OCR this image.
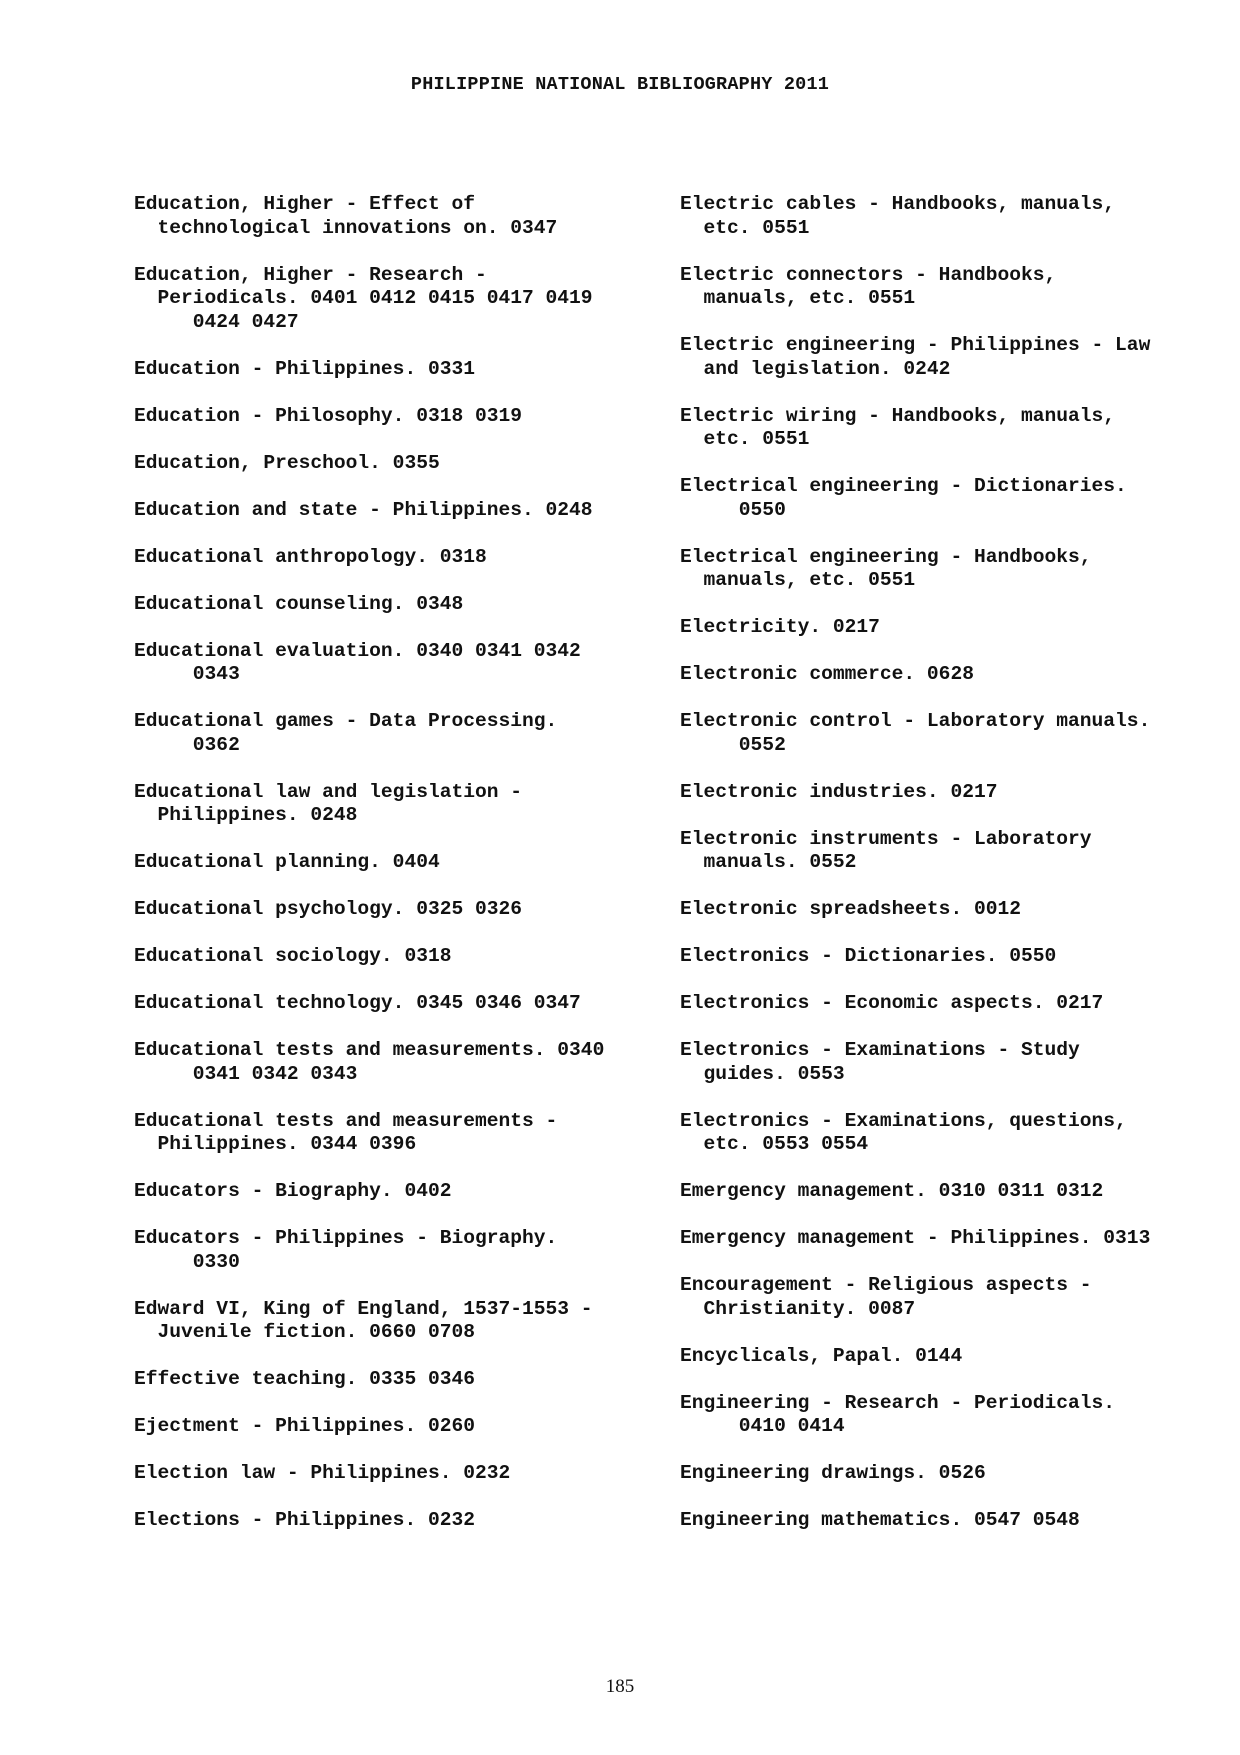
PHILIPPINE NATIONAL BIBLIOGRAPHY 2011
Education, Higher - Effect of
technological innovations on. 0347
Education, Higher - Research -
Periodicals. 0401 0412 0415 0417 0419
0424 0427
Education - Philippines. 0331
Education - Philosophy. 0318 0319
Education, Preschool. 0355
Education and state - Philippines. 0248
Educational anthropology. 0318
Educational counseling. 0348
Educational evaluation. 0340 0341 0342
0343
Educational games - Data Processing.
0362
Educational law and legislation -
Philippines. 0248
Educational planning. 0404
Educational psychology. 0325 0326
Educational sociology. 0318
Educational technology. 0345 0346 0347
Educational tests and measurements. 0340
0341 0342 0343
Educational tests and measurements -
Philippines. 0344 0396
Educators - Biography. 0402
Educators - Philippines - Biography.
0330
Edward VI, King of England, 1537-1553 -
Juvenile fiction. 0660 0708
Effective teaching. 0335 0346
Ejectment - Philippines. 0260
Election law - Philippines. 0232
Elections - Philippines. 0232
Electric cables - Handbooks, manuals,
etc. 0551
Electric connectors - Handbooks,
manuals, etc. 0551
Electric engineering - Philippines - Law
and legislation. 0242
Electric wiring - Handbooks, manuals,
etc. 0551
Electrical engineering - Dictionaries.
0550
Electrical engineering - Handbooks,
manuals, etc. 0551
Electricity. 0217
Electronic commerce. 0628
Electronic control - Laboratory manuals.
0552
Electronic industries. 0217
Electronic instruments - Laboratory
manuals. 0552
Electronic spreadsheets. 0012
Electronics - Dictionaries. 0550
Electronics - Economic aspects. 0217
Electronics - Examinations - Study
guides. 0553
Electronics - Examinations, questions,
etc. 0553 0554
Emergency management. 0310 0311 0312
Emergency management - Philippines. 0313
Encouragement - Religious aspects -
Christianity. 0087
Encyclicals, Papal. 0144
Engineering - Research - Periodicals.
0410 0414
Engineering drawings. 0526
Engineering mathematics. 0547 0548
185
